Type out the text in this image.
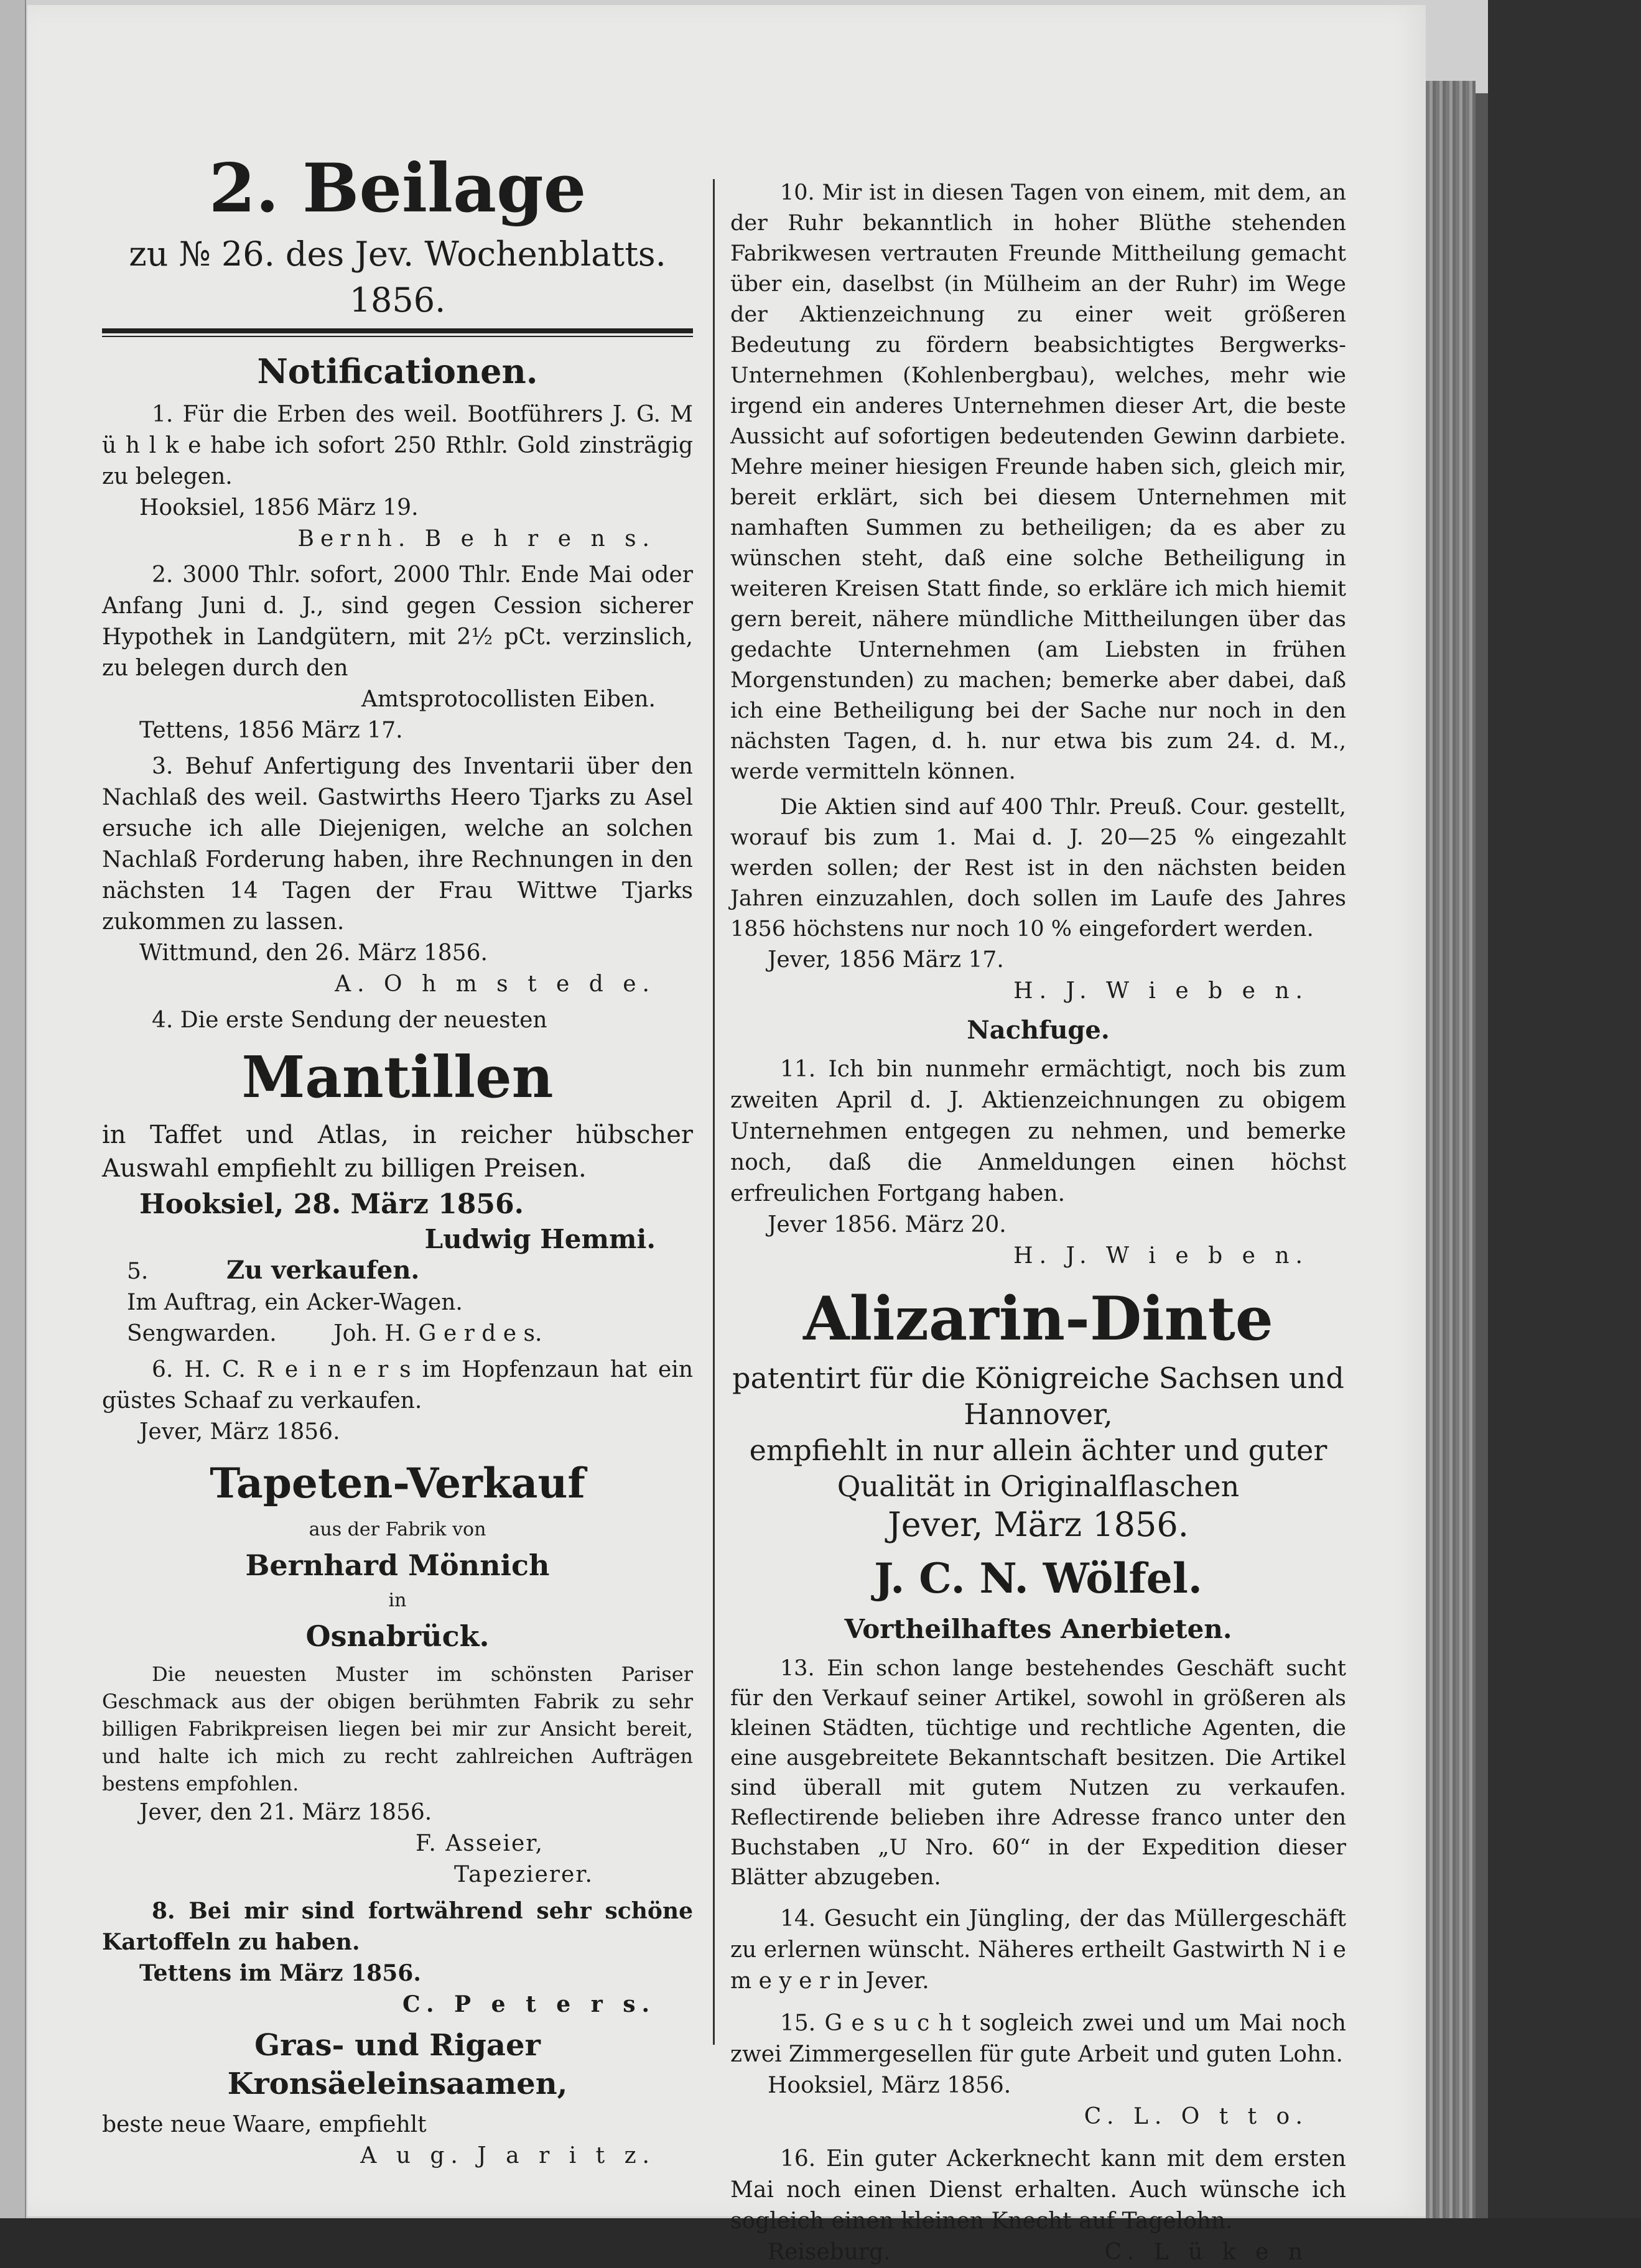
2. Beilage
zu № 26. des Jev. Wochenblatts. 1856.
Notificationen.

1. Für die Erben des weil. Bootführers J. G. M ü h l k e habe ich sofort 250 Rthlr. Gold zinsträgig zu belegen.

Hooksiel, 1856 März 19.

Bernh. B e h r e n s.

2. 3000 Thlr. sofort, 2000 Thlr. Ende Mai oder Anfang Juni d. J., sind gegen Cession sicherer Hypothek in Landgütern, mit 2½ pCt. verzinslich, zu belegen durch den

Amtsprotocollisten Eiben.

Tettens, 1856 März 17.

3. Behuf Anfertigung des Inventarii über den Nachlaß des weil. Gastwirths Heero Tjarks zu Asel ersuche ich alle Diejenigen, welche an solchen Nachlaß Forderung haben, ihre Rechnungen in den nächsten 14 Tagen der Frau Wittwe Tjarks zukommen zu lassen.

Wittmund, den 26. März 1856.

A. O h m s t e d e.

4. Die erste Sendung der neuesten

Mantillen

in Taffet und Atlas, in reicher hübscher Auswahl empfiehlt zu billigen Preisen.

Hooksiel, 28. März 1856.

Ludwig Hemmi.

5.	Zu verkaufen.

Im Auftrag, ein Acker-Wagen.

Sengwarden.        Joh. H. G e r d e s.

6. H. C. R e i n e r s im Hopfenzaun hat ein güstes Schaaf zu verkaufen.

Jever, März 1856.

Tapeten-Verkauf

aus der Fabrik von

Bernhard Mönnich

in

Osnabrück.

Die neuesten Muster im schönsten Pariser Geschmack aus der obigen berühmten Fabrik zu sehr billigen Fabrikpreisen liegen bei mir zur Ansicht bereit, und halte ich mich zu recht zahlreichen Aufträgen bestens empfohlen.

Jever, den 21. März 1856.

F. Asseier,

Tapezierer.

8. Bei mir sind fortwährend sehr schöne Kartoffeln zu haben.

Tettens im März 1856.

C. P e t e r s.

Gras- und Rigaer Kronsäeleinsaamen,

beste neue Waare, empfiehlt

A u g. J a r i t z.

10. Mir ist in diesen Tagen von einem, mit dem, an der Ruhr bekanntlich in hoher Blüthe stehenden Fabrikwesen vertrauten Freunde Mittheilung gemacht über ein, daselbst (in Mülheim an der Ruhr) im Wege der Aktienzeichnung zu einer weit größeren Bedeutung zu fördern beabsichtigtes Bergwerks-Unternehmen (Kohlenbergbau), welches, mehr wie irgend ein anderes Unternehmen dieser Art, die beste Aussicht auf sofortigen bedeutenden Gewinn darbiete. Mehre meiner hiesigen Freunde haben sich, gleich mir, bereit erklärt, sich bei diesem Unternehmen mit namhaften Summen zu betheiligen; da es aber zu wünschen steht, daß eine solche Betheiligung in weiteren Kreisen Statt finde, so erkläre ich mich hiemit gern bereit, nähere mündliche Mittheilungen über das gedachte Unternehmen (am Liebsten in frühen Morgenstunden) zu machen; bemerke aber dabei, daß ich eine Betheiligung bei der Sache nur noch in den nächsten Tagen, d. h. nur etwa bis zum 24. d. M., werde vermitteln können.

Die Aktien sind auf 400 Thlr. Preuß. Cour. gestellt, worauf bis zum 1. Mai d. J. 20—25 % eingezahlt werden sollen; der Rest ist in den nächsten beiden Jahren einzuzahlen, doch sollen im Laufe des Jahres 1856 höchstens nur noch 10 % eingefordert werden.

Jever, 1856 März 17.

H. J. W i e b e n.

Nachfuge.

11. Ich bin nunmehr ermächtigt, noch bis zum zweiten April d. J. Aktienzeichnungen zu obigem Unternehmen entgegen zu nehmen, und bemerke noch, daß die Anmeldungen einen höchst erfreulichen Fortgang haben.

Jever 1856. März 20.

H. J. W i e b e n.

Alizarin-Dinte

patentirt für die Königreiche Sachsen und Hannover,

empfiehlt in nur allein ächter und guter Qualität in Originalflaschen

Jever, März 1856.

J. C. N. Wölfel.
Vortheilhaftes Anerbieten.

13. Ein schon lange bestehendes Geschäft sucht für den Verkauf seiner Artikel, sowohl in größeren als kleinen Städten, tüchtige und rechtliche Agenten, die eine ausgebreitete Bekanntschaft besitzen. Die Artikel sind überall mit gutem Nutzen zu verkaufen. Reflectirende belieben ihre Adresse franco unter den Buchstaben „U Nro. 60“ in der Expedition dieser Blätter abzugeben.

14. Gesucht ein Jüngling, der das Müllergeschäft zu erlernen wünscht. Näheres ertheilt Gastwirth N i e m e y e r in Jever.

15. G e s u c h t sogleich zwei und um Mai noch zwei Zimmergesellen für gute Arbeit und guten Lohn.

Hooksiel, März 1856.

C. L. O t t o.

16. Ein guter Ackerknecht kann mit dem ersten Mai noch einen Dienst erhalten. Auch wünsche ich sogleich einen kleinen Knecht auf Tagelohn.

Reiseburg.	C. L ü k e n
